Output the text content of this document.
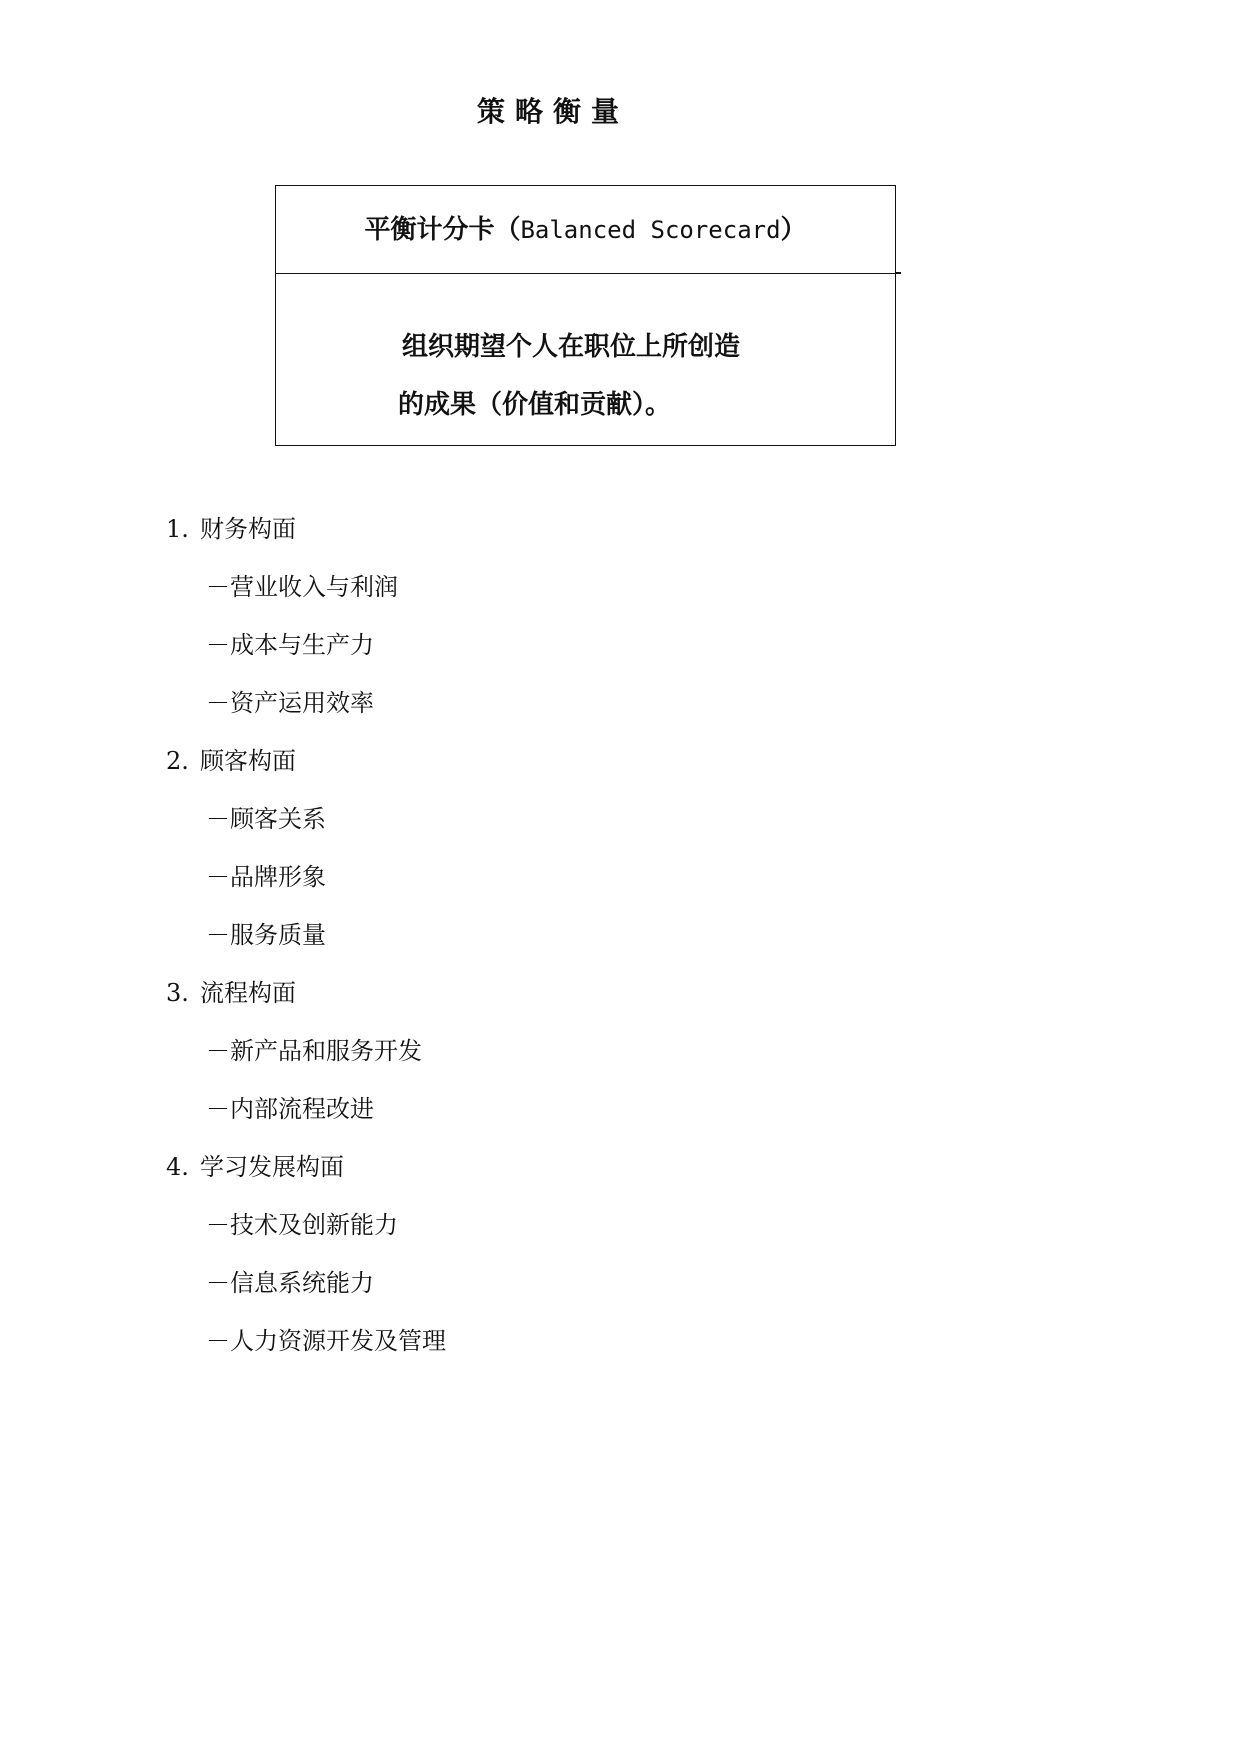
策略衡量
平衡计分卡（ Balanced Scorecard ）
组织期望个人在职位上所创造
的成果（价值和贡献）。
1. 财务构面
－营业收入与利润
－成本与生产力
－资产运用效率
2. 顾客构面
－顾客关系
－品牌形象
－服务质量
3. 流程构面
－新产品和服务开发
－内部流程改进
4. 学习发展构面
－技术及创新能力
－信息系统能力
－人力资源开发及管理
